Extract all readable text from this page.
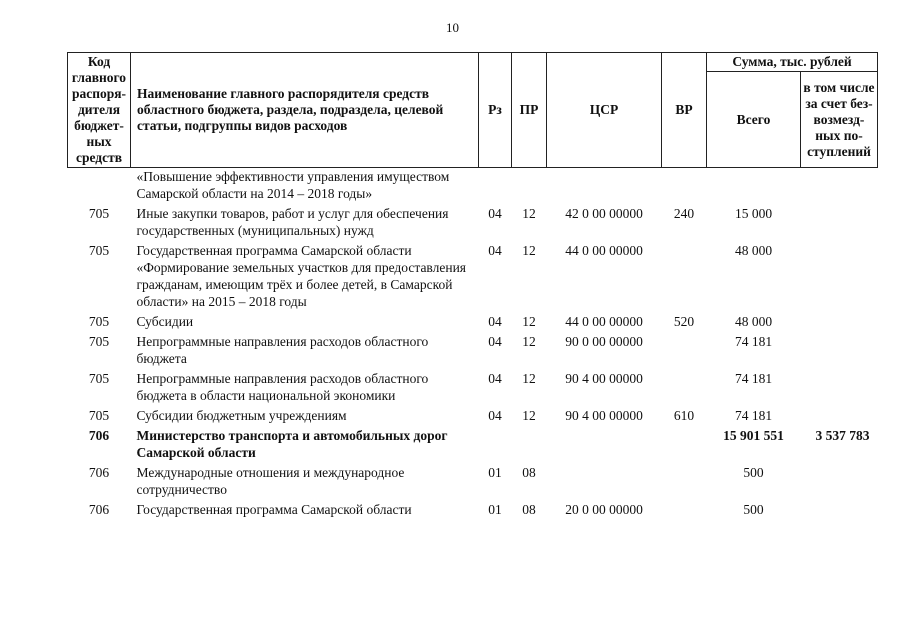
10
Код главного распоря-дителя бюджет-ных средств	Наименование главного распорядителя средств областного бюджета, раздела, подраздела, целевой статьи, подгруппы видов расходов	Рз	ПР	ЦСР	ВР	Сумма, тыс. рублей	
						Всего	в том числе за счет без-возмезд-ных по-ступлений
	«Повышение эффективности управления имуществом Самарской области на 2014 – 2018 годы»						
705	Иные закупки товаров, работ и услуг для обеспечения государственных (муниципальных) нужд	04	12	42 0 00 00000	240	15 000	
705	Государственная программа Самарской области «Формирование земельных участков для предоставления гражданам, имеющим трёх и более детей, в Самарской области» на 2015 – 2018 годы	04	12	44 0 00 00000		48 000	
705	Субсидии	04	12	44 0 00 00000	520	48 000	
705	Непрограммные направления расходов областного бюджета	04	12	90 0 00 00000		74 181	
705	Непрограммные направления расходов областного бюджета в области национальной экономики	04	12	90 4 00 00000		74 181	
705	Субсидии бюджетным учреждениям	04	12	90 4 00 00000	610	74 181	
706	Министерство транспорта и автомобильных дорог Самарской области					15 901 551	3 537 783
706	Международные отношения и международное сотрудничество	01	08			500	
706	Государственная программа Самарской области	01	08	20 0 00 00000		500	
